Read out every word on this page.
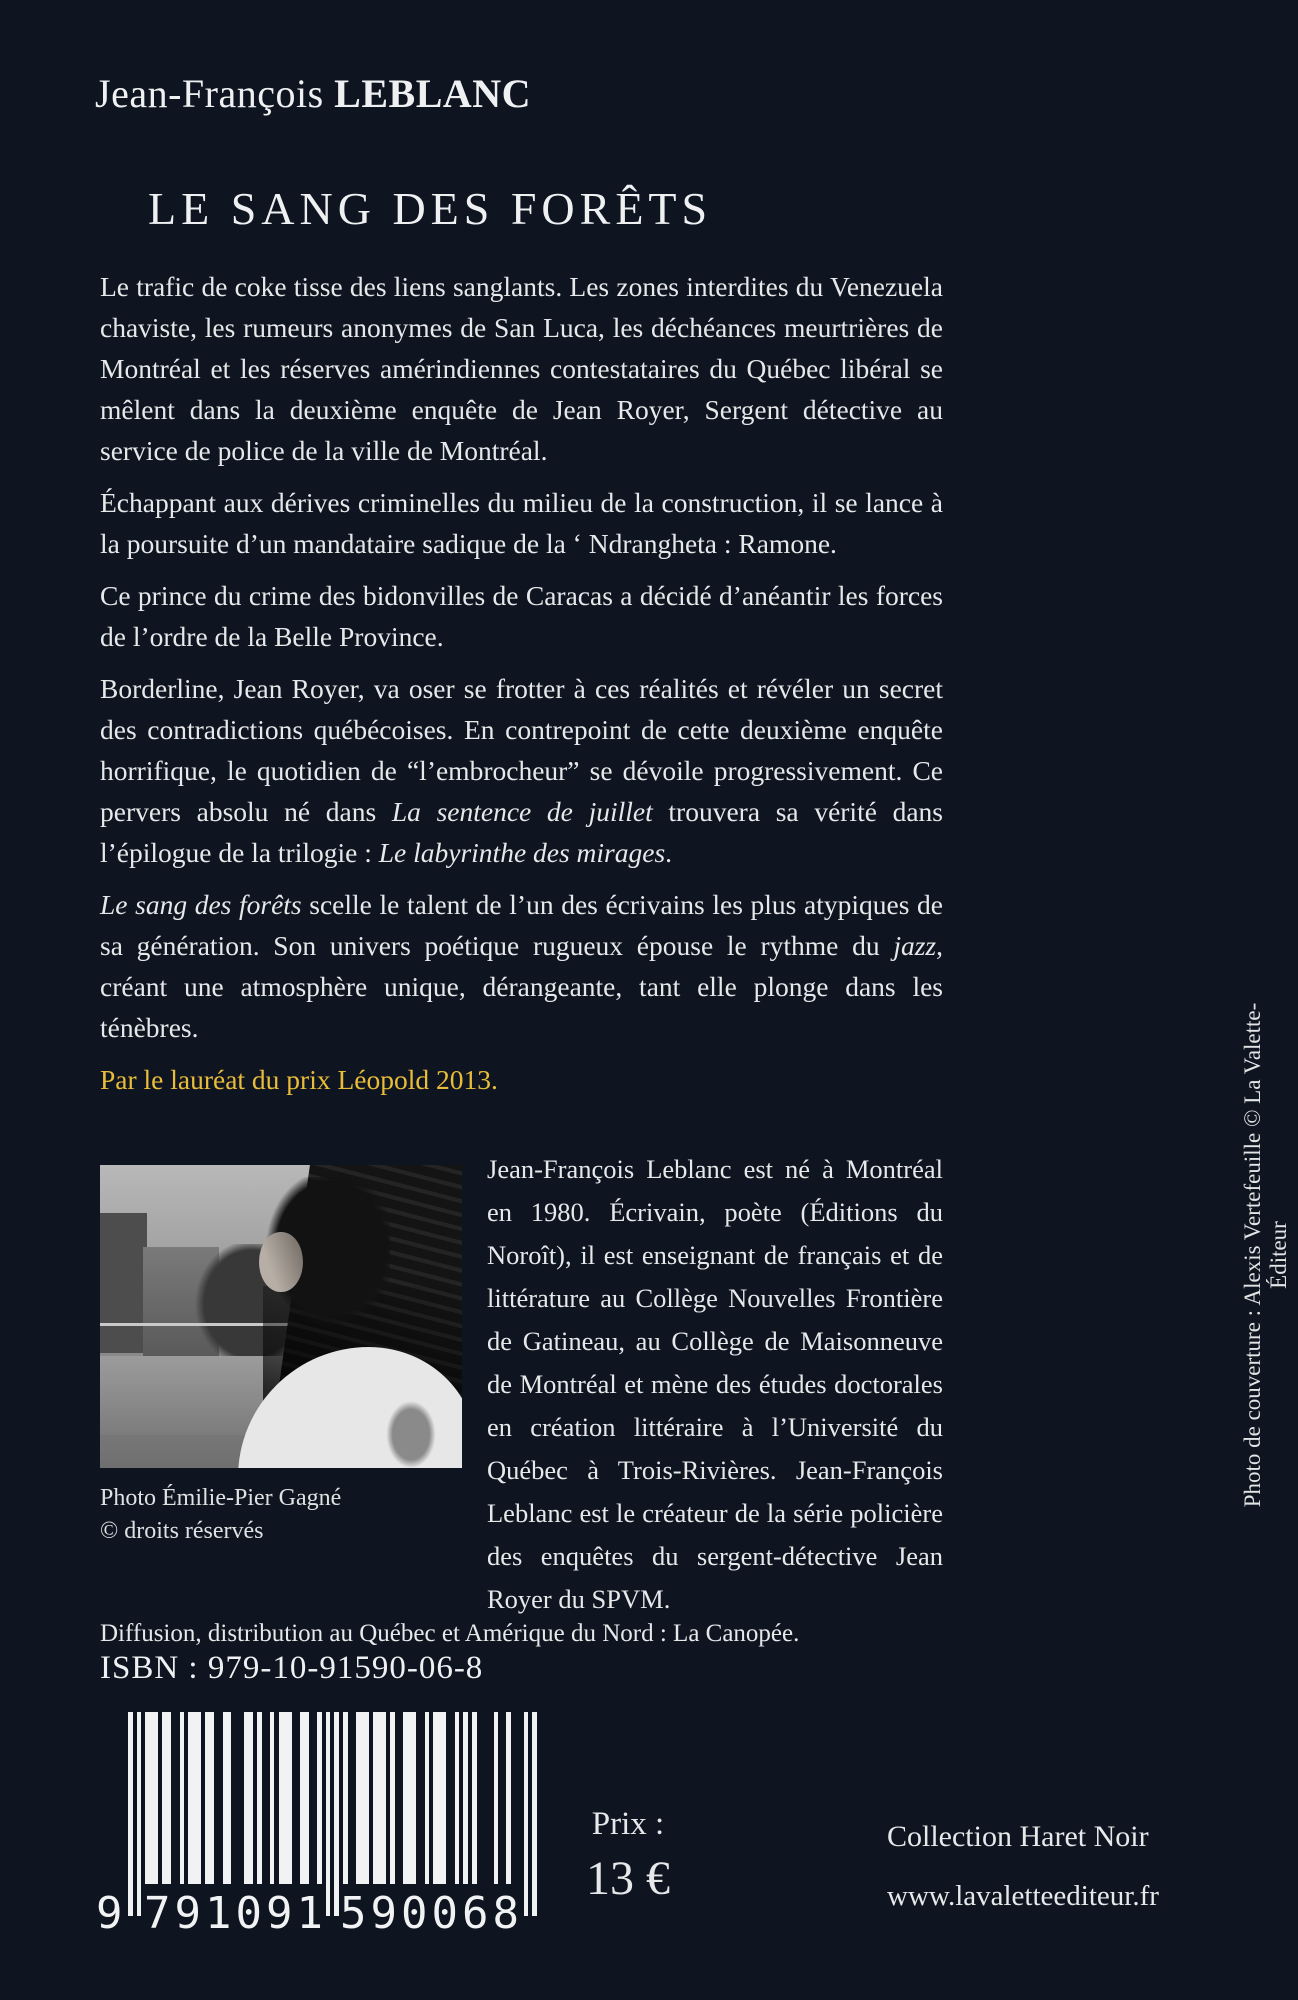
Jean-François LEBLANC
LE SANG DES FORÊTS

Le trafic de coke tisse des liens sanglants. Les zones interdites du Venezuela chaviste, les rumeurs anonymes de San Luca, les déchéances meurtrières de Montréal et les réserves amérindiennes contestataires du Québec libéral se mêlent dans la deuxième enquête de Jean Royer, Sergent détective au service de police de la ville de Montréal.

Échappant aux dérives criminelles du milieu de la construction, il se lance à la poursuite d’un mandataire sadique de la ‘ Ndrangheta : Ramone.

Ce prince du crime des bidonvilles de Caracas a décidé d’anéantir les forces de l’ordre de la Belle Province.

Borderline, Jean Royer, va oser se frotter à ces réalités et révéler un secret des contradictions québécoises. En contrepoint de cette deuxième enquête horrifique, le quotidien de “l’embrocheur” se dévoile progressivement. Ce pervers absolu né dans La sentence de juillet trouvera sa vérité dans l’épilogue de la trilogie : Le labyrinthe des mirages.

Le sang des forêts scelle le talent de l’un des écrivains les plus atypiques de sa génération. Son univers poétique rugueux épouse le rythme du jazz, créant une atmosphère unique, dérangeante, tant elle plonge dans les ténèbres.

Par le lauréat du prix Léopold 2013.

Photo Émilie-Pier Gagné
© droits réservés
Jean-François Leblanc est né à Montréal en 1980. Écrivain, poète (Éditions du Noroît), il est enseignant de français et de littérature au Collège Nouvelles Frontière de Gatineau, au Collège de Maisonneuve de Montréal et mène des études doctorales en création littéraire à l’Université du Québec à Trois-Rivières. Jean-François Leblanc est le créateur de la série policière des enquêtes du sergent-détective Jean Royer du SPVM.
Diffusion, distribution au Québec et Amérique du Nord : La Canopée.
ISBN : 979-10-91590-06-8
9 791091 590068
Prix :
13 €
Collection Haret Noir
www.lavaletteediteur.fr
Photo de couverture : Alexis Vertefeuille © La Valette-Éditeur
